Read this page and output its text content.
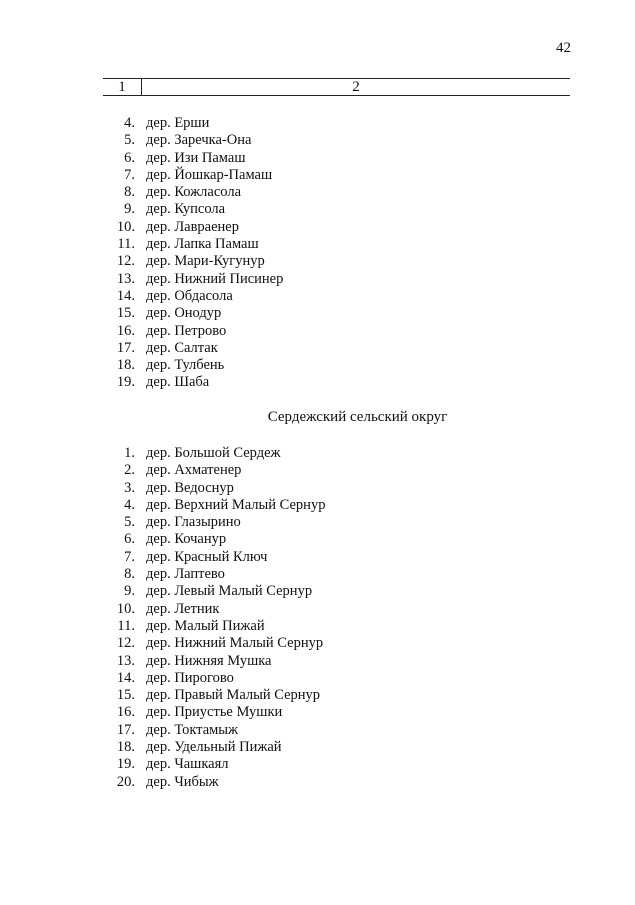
42
1	2
4. дер. Ерши
5. дер. Заречка-Она
6. дер. Изи Памаш
7. дер. Йошкар-Памаш
8. дер. Кожласола
9. дер. Купсола
10. дер. Лавраенер
11. дер. Лапка Памаш
12. дер. Мари-Кугунур
13. дер. Нижний Писинер
14. дер. Обдасола
15. дер. Онодур
16. дер. Петрово
17. дер. Салтак
18. дер. Тулбень
19. дер. Шаба
Сердежский сельский округ
1. дер. Большой Сердеж
2. дер. Ахматенер
3. дер. Ведоснур
4. дер. Верхний Малый Сернур
5. дер. Глазырино
6. дер. Кочанур
7. дер. Красный Ключ
8. дер. Лаптево
9. дер. Левый Малый Сернур
10. дер. Летник
11. дер. Малый Пижай
12. дер. Нижний Малый Сернур
13. дер. Нижняя Мушка
14. дер. Пирогово
15. дер. Правый Малый Сернур
16. дер. Приустье Мушки
17. дер. Токтамыж
18. дер. Удельный Пижай
19. дер. Чашкаял
20. дер. Чибыж
